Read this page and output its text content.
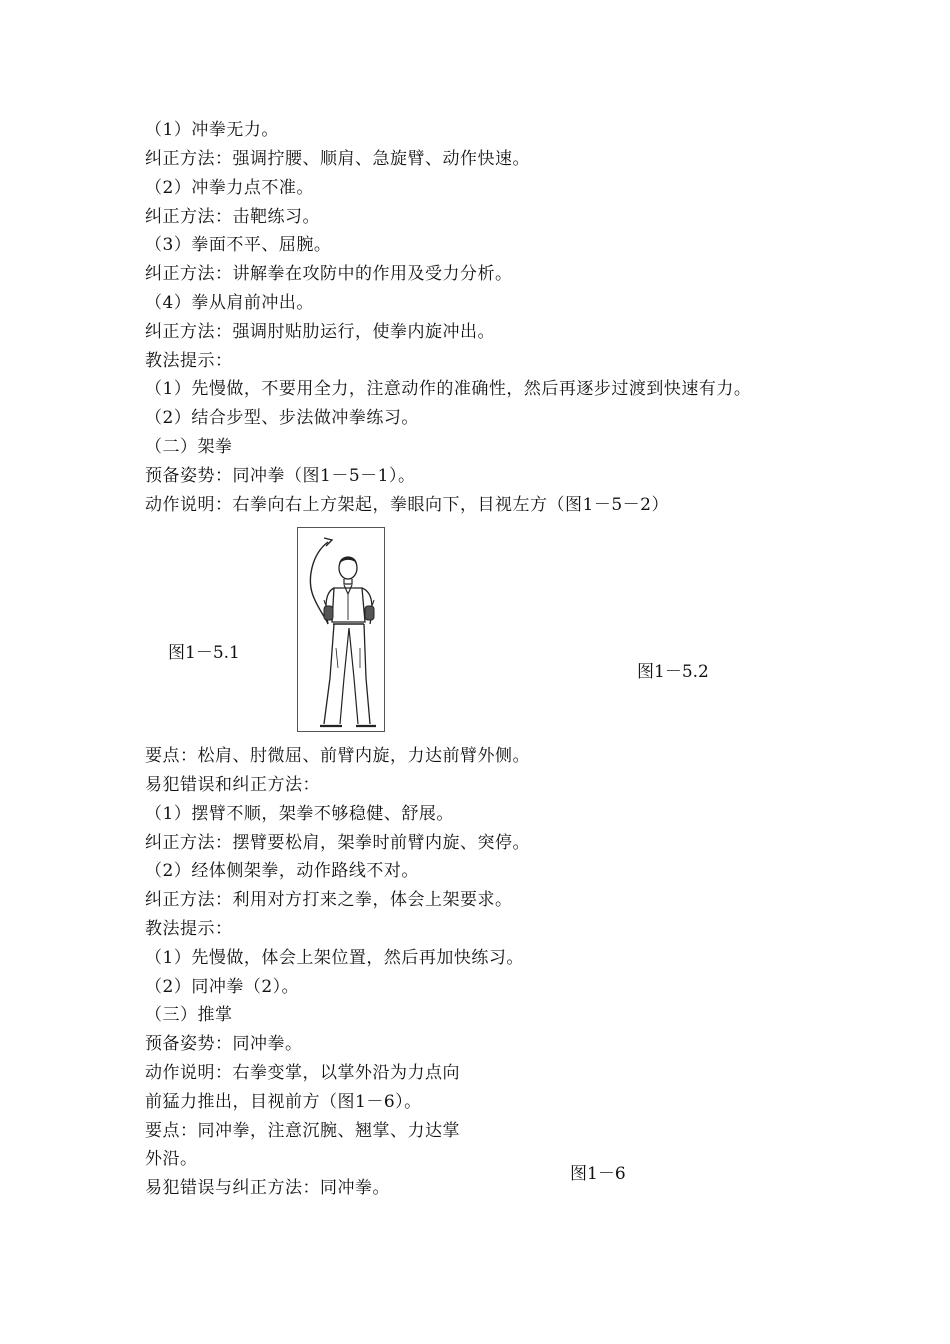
（1）冲拳无力。
纠正方法：强调拧腰、顺肩、急旋臂、动作快速。
（2）冲拳力点不准。
纠正方法：击靶练习。
（3）拳面不平、屈腕。
纠正方法：讲解拳在攻防中的作用及受力分析。
（4）拳从肩前冲出。
纠正方法：强调肘贴肋运行，使拳内旋冲出。
教法提示：
（1）先慢做，不要用全力，注意动作的准确性，然后再逐步过渡到快速有力。
（2）结合步型、步法做冲拳练习。
（二）架拳
预备姿势：同冲拳（图1－5－1）。
动作说明：右拳向右上方架起，拳眼向下，目视左方（图1－5－2）
图1－5.1
图1－5.2
要点：松肩、肘微屈、前臂内旋，力达前臂外侧。
易犯错误和纠正方法：
（1）摆臂不顺，架拳不够稳健、舒展。
纠正方法：摆臂要松肩，架拳时前臂内旋、突停。
（2）经体侧架拳，动作路线不对。
纠正方法：利用对方打来之拳，体会上架要求。
教法提示：
（1）先慢做，体会上架位置，然后再加快练习。
（2）同冲拳（2）。
（三）推掌
预备姿势：同冲拳。
动作说明：右拳变掌，以掌外沿为力点向
前猛力推出，目视前方（图1－6）。
要点：同冲拳，注意沉腕、翘掌、力达掌
外沿。
图1－6
易犯错误与纠正方法：同冲拳。
